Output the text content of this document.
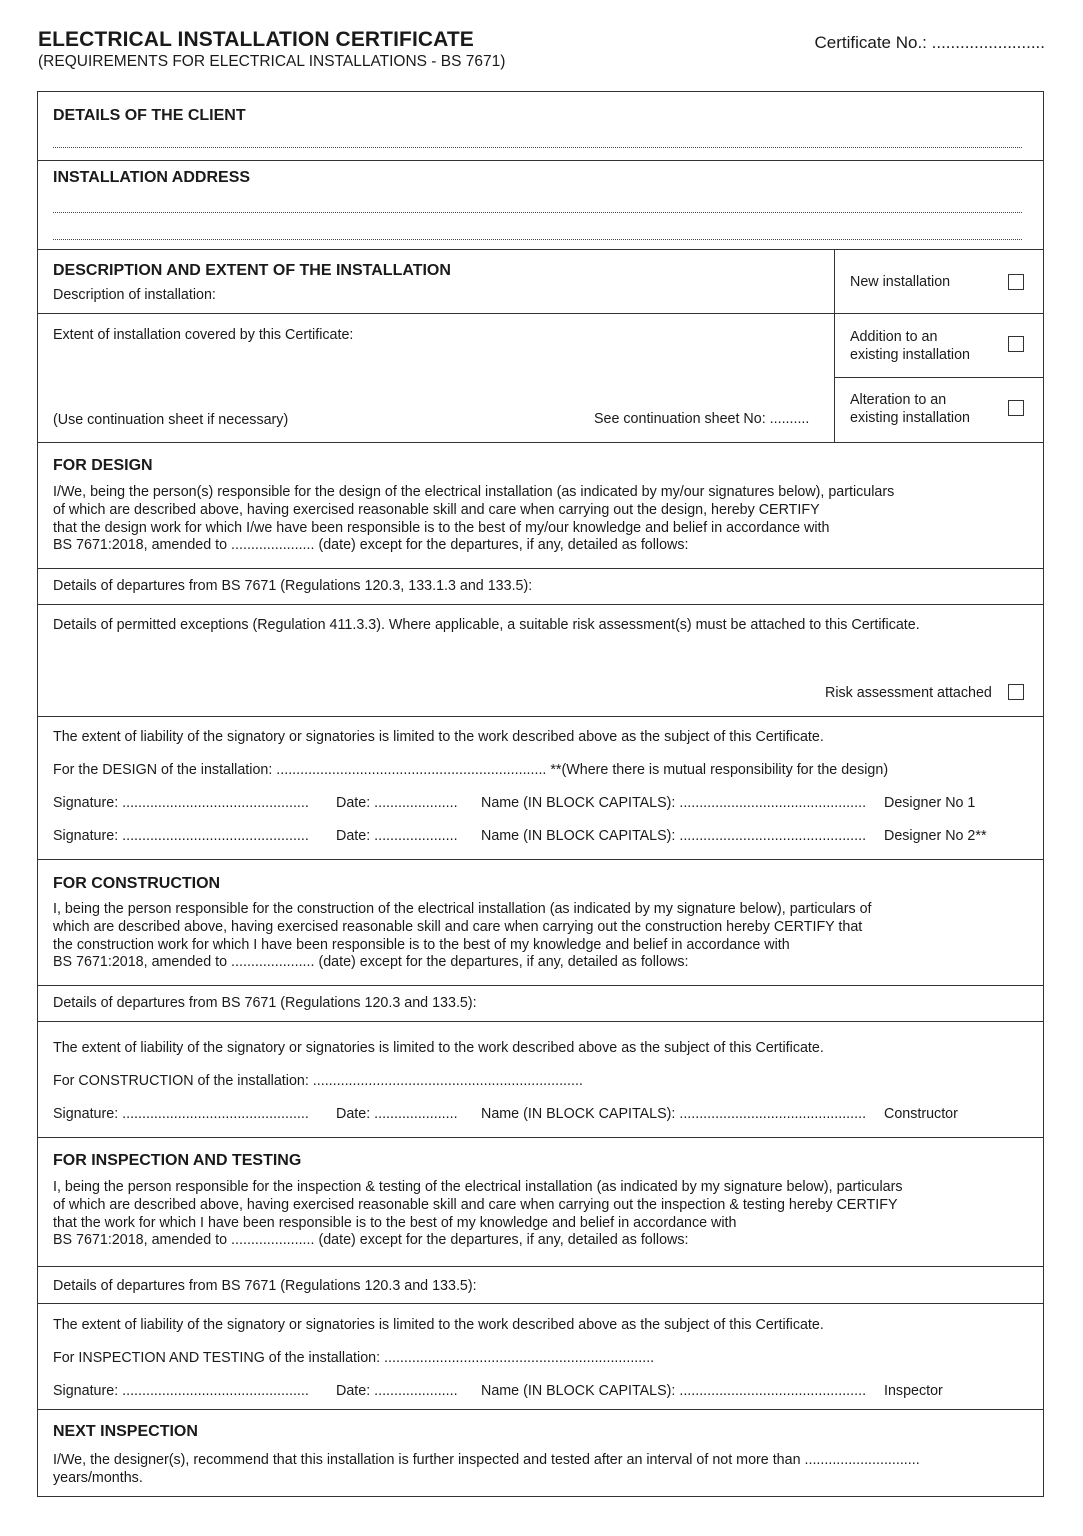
ELECTRICAL INSTALLATION CERTIFICATE
(REQUIREMENTS FOR ELECTRICAL INSTALLATIONS - BS 7671)
Certificate No.: ........................
DETAILS OF THE CLIENT
INSTALLATION ADDRESS
DESCRIPTION AND EXTENT OF THE INSTALLATION
Description of installation:
Extent of installation covered by this Certificate:
(Use continuation sheet if necessary)	See continuation sheet No: ..........
New installation
Addition to an
existing installation
Alteration to an
existing installation
FOR DESIGN
I/We, being the person(s) responsible for the design of the electrical installation (as indicated by my/our signatures below), particulars
of which are described above, having exercised reasonable skill and care when carrying out the design, hereby CERTIFY
that the design work for which I/we have been responsible is to the best of my/our knowledge and belief in accordance with
BS 7671:2018, amended to ..................... (date) except for the departures, if any, detailed as follows:
Details of departures from BS 7671 (Regulations 120.3, 133.1.3 and 133.5):
Details of permitted exceptions (Regulation 411.3.3). Where applicable, a suitable risk assessment(s) must be attached to this Certificate.
Risk assessment attached
The extent of liability of the signatory or signatories is limited to the work described above as the subject of this Certificate.
For the DESIGN of the installation: .................................................................... **(Where there is mutual responsibility for the design)
Signature: ............................................... Date: ..................... Name (IN BLOCK CAPITALS): ............................................... Designer No 1
Signature: ............................................... Date: ..................... Name (IN BLOCK CAPITALS): ............................................... Designer No 2**
FOR CONSTRUCTION
I, being the person responsible for the construction of the electrical installation (as indicated by my signature below), particulars of
which are described above, having exercised reasonable skill and care when carrying out the construction hereby CERTIFY that
the construction work for which I have been responsible is to the best of my knowledge and belief in accordance with
BS 7671:2018, amended to ..................... (date) except for the departures, if any, detailed as follows:
Details of departures from BS 7671 (Regulations 120.3 and 133.5):
The extent of liability of the signatory or signatories is limited to the work described above as the subject of this Certificate.
For CONSTRUCTION of the installation: ....................................................................
Signature: ............................................... Date: ..................... Name (IN BLOCK CAPITALS): ............................................... Constructor
FOR INSPECTION AND TESTING
I, being the person responsible for the inspection & testing of the electrical installation (as indicated by my signature below), particulars
of which are described above, having exercised reasonable skill and care when carrying out the inspection & testing hereby CERTIFY
that the work for which I have been responsible is to the best of my knowledge and belief in accordance with
BS 7671:2018, amended to ..................... (date) except for the departures, if any, detailed as follows:
Details of departures from BS 7671 (Regulations 120.3 and 133.5):
The extent of liability of the signatory or signatories is limited to the work described above as the subject of this Certificate.
For INSPECTION AND TESTING of the installation: ....................................................................
Signature: ............................................... Date: ..................... Name (IN BLOCK CAPITALS): ............................................... Inspector
NEXT INSPECTION
I/We, the designer(s), recommend that this installation is further inspected and tested after an interval of not more than .............................
years/months.
